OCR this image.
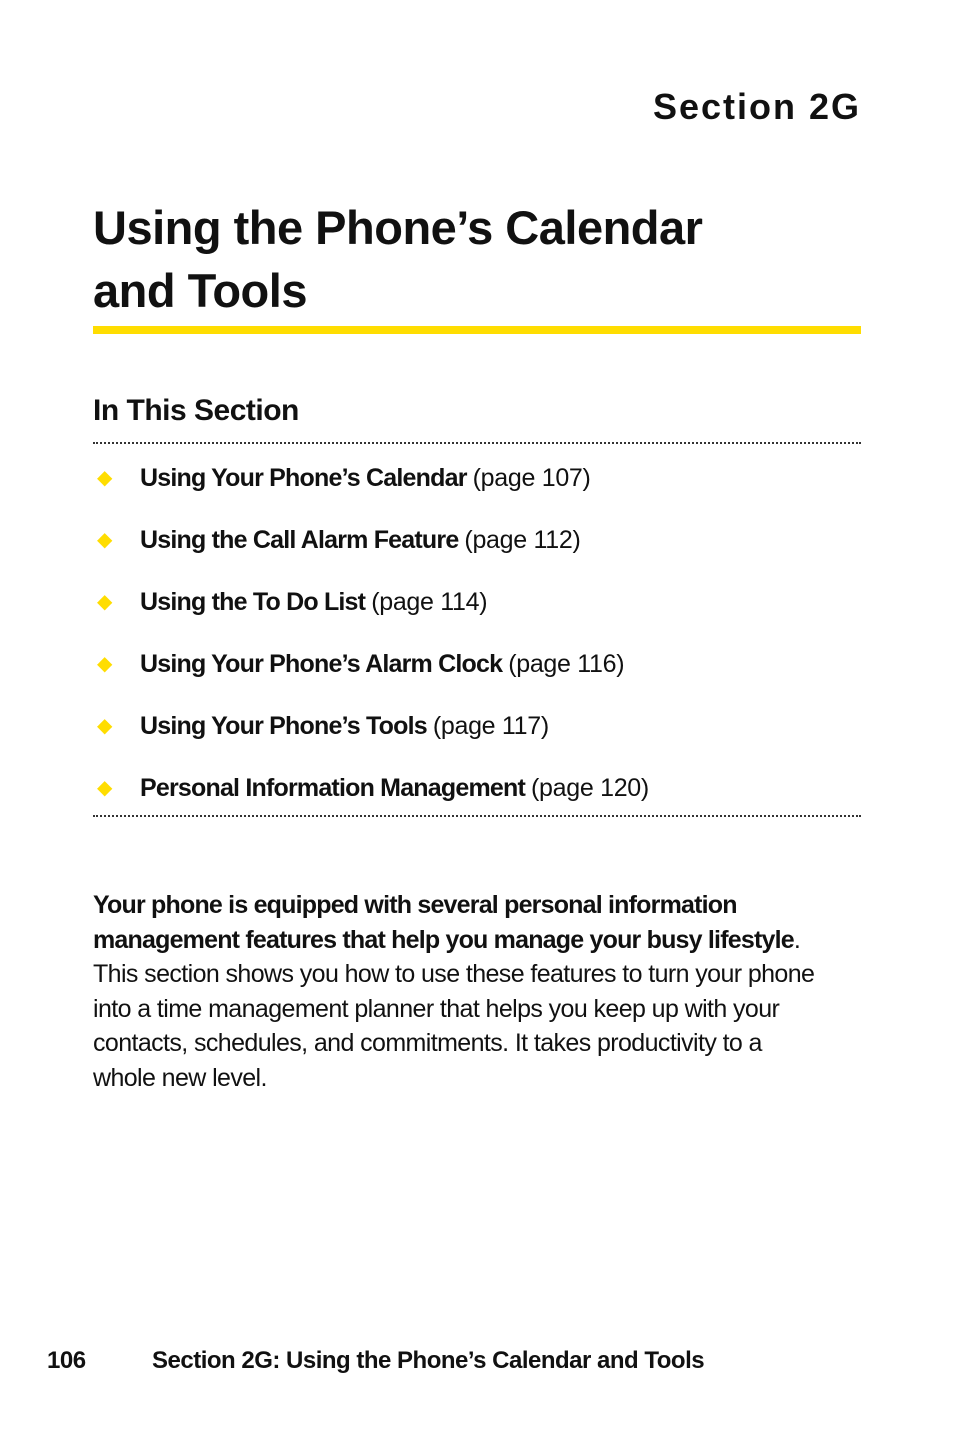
Section 2G
Using the Phone’s Calendar
and Tools
In This Section
◆	Using Your Phone’s Calendar (page 107)
◆	Using the Call Alarm Feature (page 112)
◆	Using the To Do List (page 114)
◆	Using Your Phone’s Alarm Clock (page 116)
◆	Using Your Phone’s Tools (page 117)
◆	Personal Information Management (page 120)

Your phone is equipped with several personal information management features that help you manage your busy lifestyle. This section shows you how to use these features to turn your phone into a time management planner that helps you keep up with your contacts, schedules, and commitments. It takes productivity to a whole new level.

106	Section 2G: Using the Phone’s Calendar and Tools
